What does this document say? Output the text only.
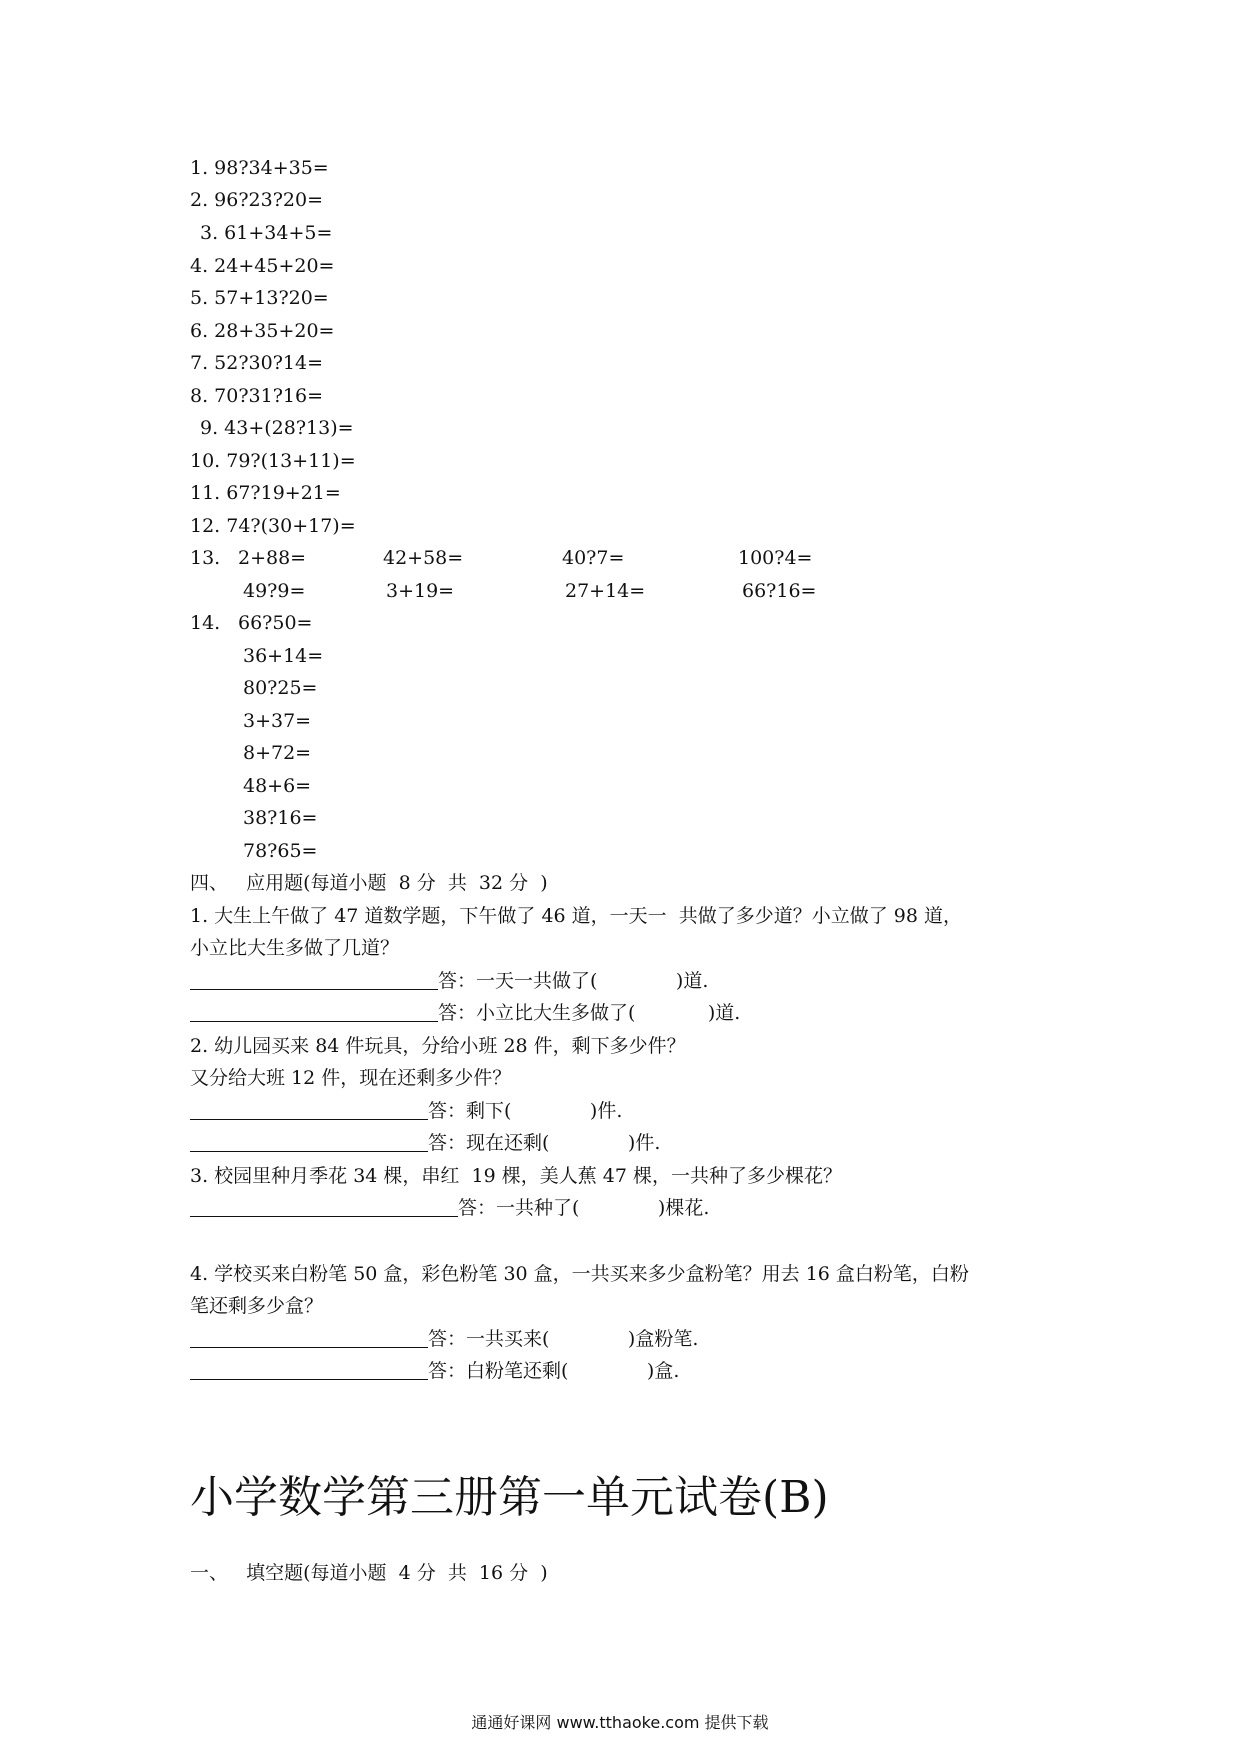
1. 98?34+35=
2. 96?23?20=
3. 61+34+5=
4. 24+45+20=
5. 57+13?20=
6. 28+35+20=
7. 52?30?14=
8. 70?31?16=
9. 43+(28?13)=
10. 79?(13+11)=
11. 67?19+21=
12. 74?(30+17)=
13. 2+88=	42+58=	40?7=	100?4=
49?9=	3+19=	27+14=	66?16=
14. 66?50=
36+14=
80?25=
3+37=
8+72=
48+6=
38?16=
78?65=
四、   应用题(每道小题  8 分  共  32 分  )
1. 大生上午做了 47 道数学题，下午做了 46 道，一天一  共做了多少道？小立做了 98 道，
小立比大生多做了几道？
答：一天一共做了(             )道.
答：小立比大生多做了(            )道.
2. 幼儿园买来 84 件玩具，分给小班 28 件，剩下多少件？
又分给大班 12 件，现在还剩多少件？
答：剩下(             )件.
答：现在还剩(             )件.
3. 校园里种月季花 34 棵，串红  19 棵，美人蕉 47 棵，一共种了多少棵花？
答：一共种了(             )棵花.
4. 学校买来白粉笔 50 盒，彩色粉笔 30 盒，一共买来多少盒粉笔？用去 16 盒白粉笔，白粉
笔还剩多少盒？
答：一共买来(             )盒粉笔.
答：白粉笔还剩(             )盒.
小学数学第三册第一单元试卷(B)
一、   填空题(每道小题  4 分  共  16 分  )
通通好课网 www.tthaoke.com 提供下载
